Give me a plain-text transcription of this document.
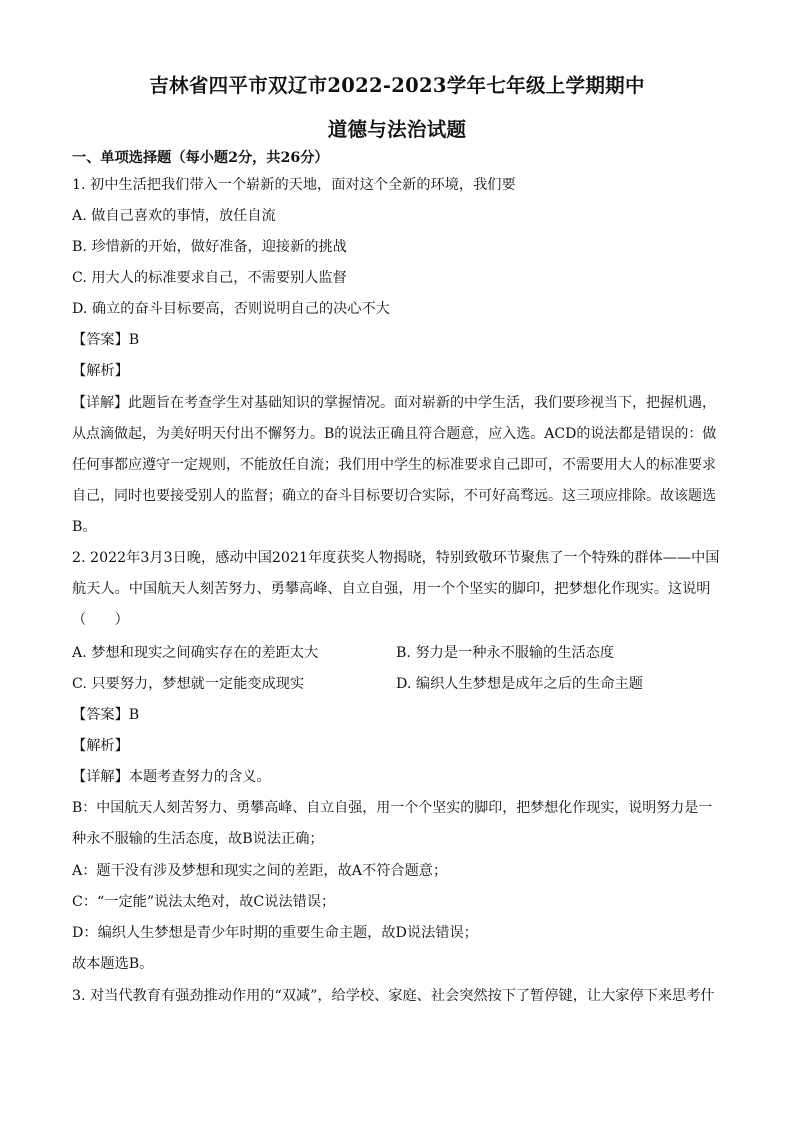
吉林省四平市双辽市2022-2023学年七年级上学期期中
道德与法治试题
一、单项选择题（每小题2分，共26分）
1. 初中生活把我们带入一个崭新的天地，面对这个全新的环境，我们要
A. 做自己喜欢的事情，放任自流
B. 珍惜新的开始，做好准备，迎接新的挑战
C. 用大人的标准要求自己，不需要别人监督
D. 确立的奋斗目标要高，否则说明自己的决心不大
【答案】B
【解析】
【详解】此题旨在考查学生对基础知识的掌握情况。面对崭新的中学生活，我们要珍视当下，把握机遇，
从点滴做起，为美好明天付出不懈努力。B的说法正确且符合题意，应入选。ACD的说法都是错误的：做
任何事都应遵守一定规则，不能放任自流；我们用中学生的标准要求自己即可，不需要用大人的标准要求
自己，同时也要接受别人的监督；确立的奋斗目标要切合实际，不可好高骛远。这三项应排除。故该题选
B。
2. 2022年3月3日晚，感动中国2021年度获奖人物揭晓，特别致敬环节聚焦了一个特殊的群体——中国
航天人。中国航天人刻苦努力、勇攀高峰、自立自强，用一个个坚实的脚印，把梦想化作现实。这说明
（　　）
A. 梦想和现实之间确实存在的差距太大	B. 努力是一种永不服输的生活态度
C. 只要努力，梦想就一定能变成现实	D. 编织人生梦想是成年之后的生命主题
【答案】B
【解析】
【详解】本题考查努力的含义。
B：中国航天人刻苦努力、勇攀高峰、自立自强，用一个个坚实的脚印，把梦想化作现实，说明努力是一
种永不服输的生活态度，故B说法正确；
A：题干没有涉及梦想和现实之间的差距，故A不符合题意；
C：“一定能”说法太绝对，故C说法错误；
D：编织人生梦想是青少年时期的重要生命主题，故D说法错误；
故本题选B。
3. 对当代教育有强劲推动作用的“双减”，给学校、家庭、社会突然按下了暂停键，让大家停下来思考什
